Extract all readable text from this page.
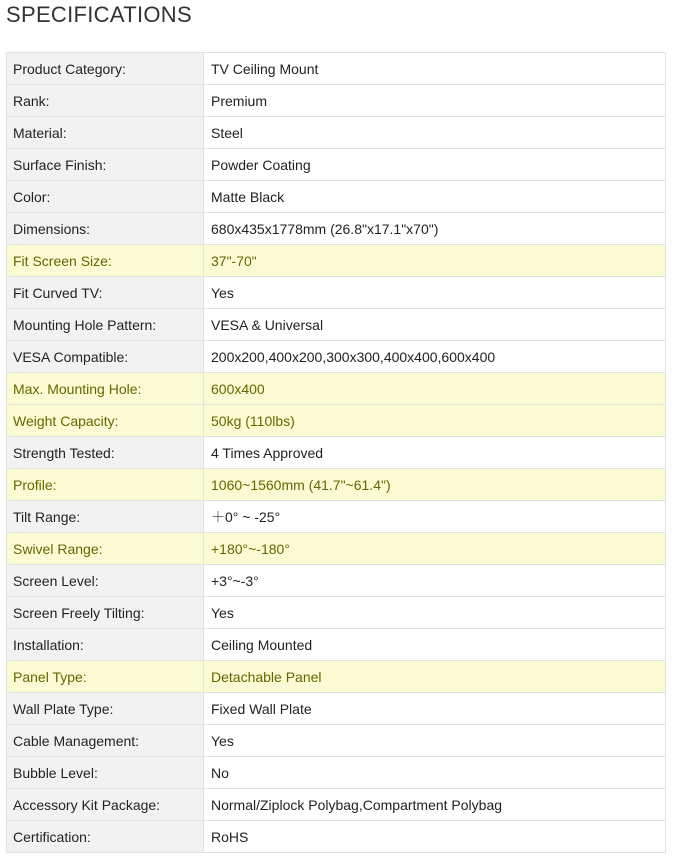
SPECIFICATIONS
Product Category:	TV Ceiling Mount
Rank:	Premium
Material:	Steel
Surface Finish:	Powder Coating
Color:	Matte Black
Dimensions:	680x435x1778mm (26.8"x17.1"x70")
Fit Screen Size:	37"-70"
Fit Curved TV:	Yes
Mounting Hole Pattern:	VESA & Universal
VESA Compatible:	200x200,400x200,300x300,400x400,600x400
Max. Mounting Hole:	600x400
Weight Capacity:	50kg (110lbs)
Strength Tested:	4 Times Approved
Profile:	1060~1560mm (41.7"~61.4")
Tilt Range:	＋0° ~ -25°
Swivel Range:	+180°~-180°
Screen Level:	+3°~-3°
Screen Freely Tilting:	Yes
Installation:	Ceiling Mounted
Panel Type:	Detachable Panel
Wall Plate Type:	Fixed Wall Plate
Cable Management:	Yes
Bubble Level:	No
Accessory Kit Package:	Normal/Ziplock Polybag,Compartment Polybag
Certification:	RoHS
